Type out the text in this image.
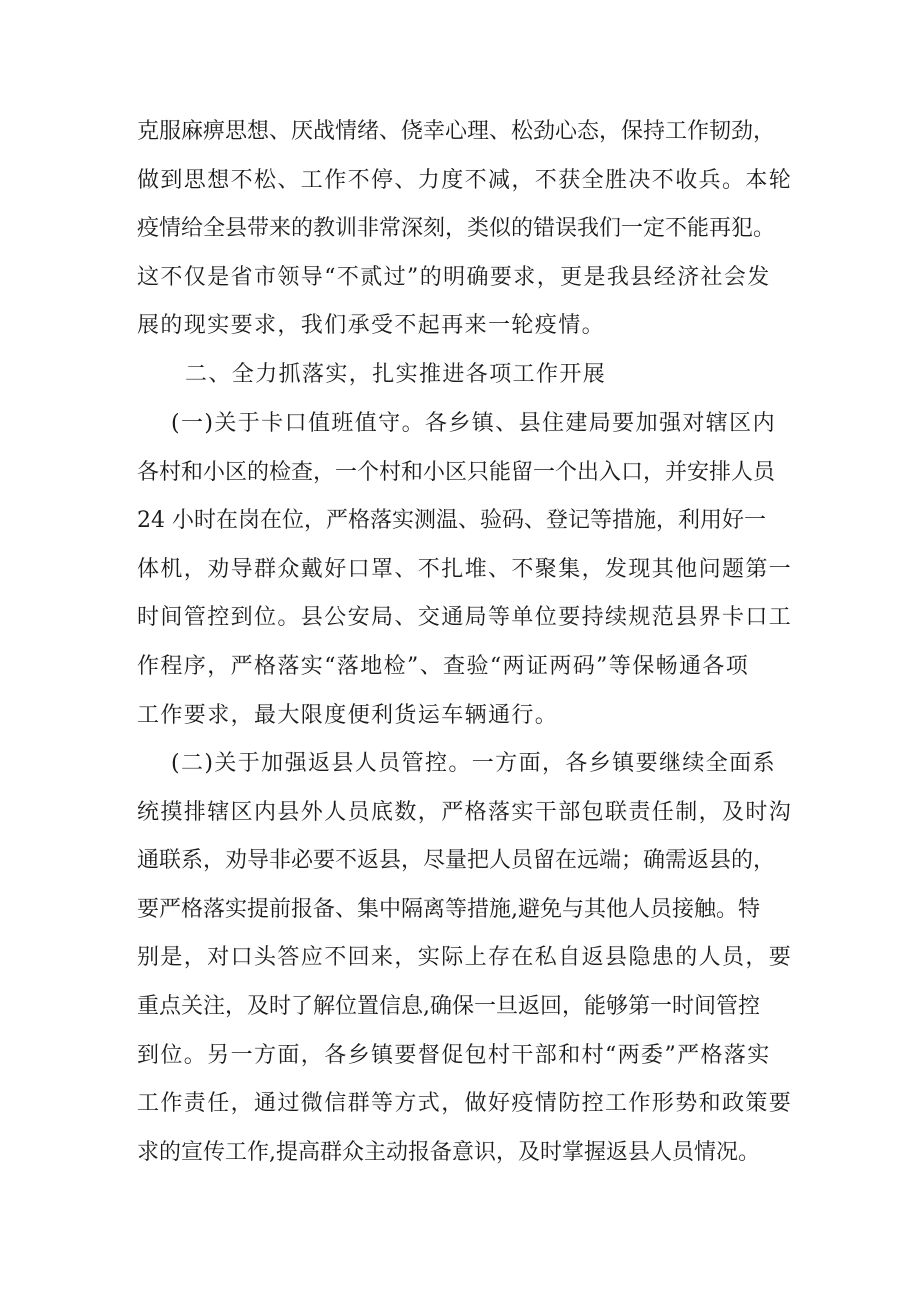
克服麻痹思想、厌战情绪、侥幸心理、松劲心态，保持工作韧劲，
做到思想不松、工作不停、力度不减，不获全胜决不收兵。本轮
疫情给全县带来的教训非常深刻，类似的错误我们一定不能再犯。
这不仅是省市领导“不贰过”的明确要求，更是我县经济社会发
展的现实要求，我们承受不起再来一轮疫情。
二、全力抓落实，扎实推进各项工作开展
(一)关于卡口值班值守。各乡镇、县住建局要加强对辖区内
各村和小区的检查，一个村和小区只能留一个出入口，并安排人员
24 小时在岗在位，严格落实测温、验码、登记等措施，利用好一
体机，劝导群众戴好口罩、不扎堆、不聚集，发现其他问题第一
时间管控到位。县公安局、交通局等单位要持续规范县界卡口工
作程序，严格落实“落地检”、查验“两证两码”等保畅通各项
工作要求，最大限度便利货运车辆通行。
(二)关于加强返县人员管控。一方面，各乡镇要继续全面系
统摸排辖区内县外人员底数，严格落实干部包联责任制，及时沟
通联系，劝导非必要不返县，尽量把人员留在远端；确需返县的，
要严格落实提前报备、集中隔离等措施,避免与其他人员接触。特
别是，对口头答应不回来，实际上存在私自返县隐患的人员，要
重点关注，及时了解位置信息,确保一旦返回，能够第一时间管控
到位。另一方面，各乡镇要督促包村干部和村“两委”严格落实
工作责任，通过微信群等方式，做好疫情防控工作形势和政策要
求的宣传工作,提高群众主动报备意识，及时掌握返县人员情况。
